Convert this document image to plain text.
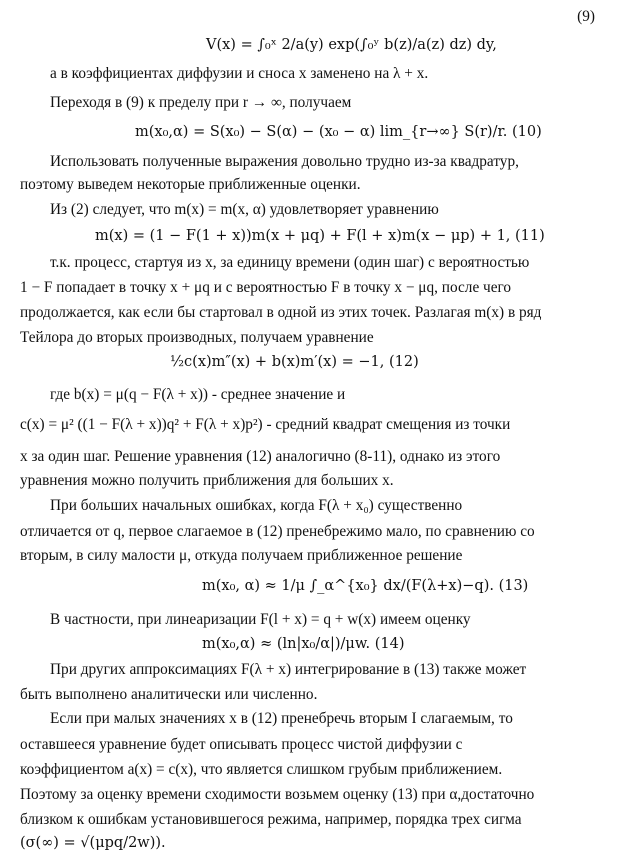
(9)
V(x) = ∫₀ˣ 2/a(y) exp(∫₀ʸ b(z)/a(z) dz) dy,
а в коэффициентах диффузии и сноса x заменено на λ + x.
Переходя в (9) к пределу при r → ∞, получаем
m(x₀,α) = S(x₀) − S(α) − (x₀ − α) lim_{r→∞} S(r)/r. (10)
Использовать полученные выражения довольно трудно из-за квадратур,
поэтому выведем некоторые приближенные оценки.
Из (2) следует, что m(x) = m(x, α) удовлетворяет уравнению
m(x) = (1 − F(1 + x))m(x + μq) + F(l + x)m(x − μp) + 1, (11)
т.к. процесс, стартуя из x, за единицу времени (один шаг) с вероятностью
1 − F попадает в точку x + μq и с вероятностью F в точку x − μq, после чего
продолжается, как если бы стартовал в одной из этих точек. Разлагая m(x) в ряд
Тейлора до вторых производных, получаем уравнение
½c(x)m″(x) + b(x)m′(x) = −1, (12)
где b(x) = μ(q − F(λ + x)) - среднее значение и
c(x) = μ² ((1 − F(λ + x))q² + F(λ + x)p²) - средний квадрат смещения из точки
x за один шаг. Решение уравнения (12) аналогично (8-11), однако из этого
уравнения можно получить приближения для больших x.
При больших начальных ошибках, когда F(λ + x₀) существенно
отличается от q, первое слагаемое в (12) пренебрежимо мало, по сравнению со
вторым, в силу малости μ, откуда получаем приближенное решение
m(x₀, α) ≈ 1/μ ∫_α^{x₀} dx/(F(λ+x)−q). (13)
В частности, при линеаризации F(l + x) = q + w(x) имеем оценку
m(x₀,α) ≈ (ln|x₀/α|)/μw. (14)
При других аппроксимациях F(λ + x) интегрирование в (13) также может
быть выполнено аналитически или численно.
Если при малых значениях x в (12) пренебречь вторым I слагаемым, то
оставшееся уравнение будет описывать процесс чистой диффузии с
коэффициентом a(x) = c(x), что является слишком грубым приближением.
Поэтому за оценку времени сходимости возьмем оценку (13) при α,достаточно
близком к ошибкам установившегося режима, например, порядка трех сигма
(σ(∞) = √(μpq/2w)).
